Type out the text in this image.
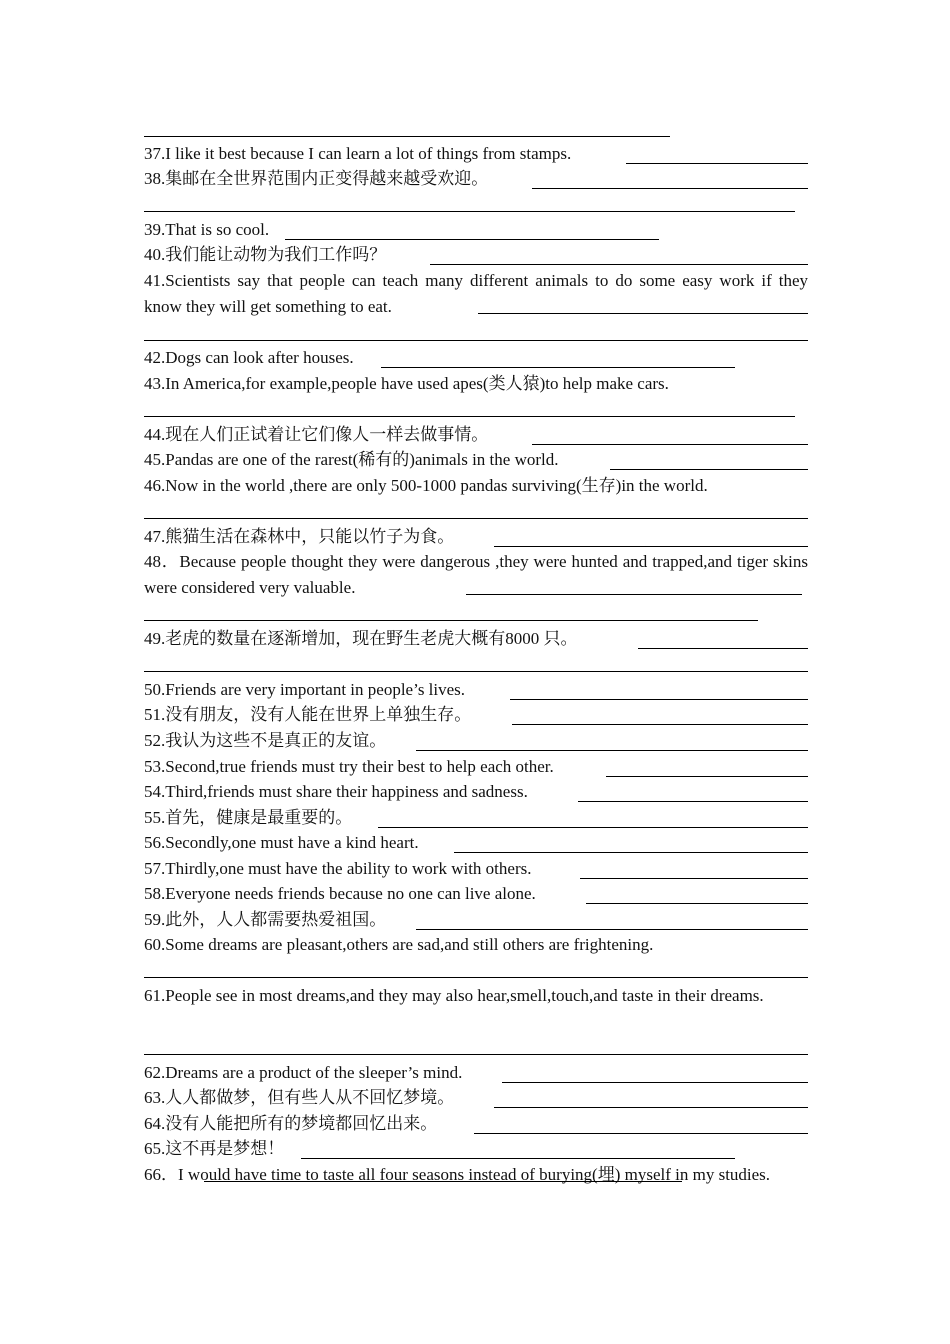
37.I like it best because I can learn a lot of things from stamps.
38.集邮在全世界范围内正变得越来越受欢迎。
39.That is so cool.
40.我们能让动物为我们工作吗？
41.Scientists say that people can teach many different animals to do some easy work if they know they will get something to eat.
42.Dogs can look after houses.
43.In America,for example,people have used apes(类人猿)to help make cars.
44.现在人们正试着让它们像人一样去做事情。
45.Pandas are one of the rarest(稀有的)animals in the world.
46.Now in the world ,there are only 500-1000 pandas surviving(生存)in the world.
47.熊猫生活在森林中，只能以竹子为食。
48．Because people thought they were dangerous ,they were hunted and trapped,and tiger skins were considered very valuable.
49.老虎的数量在逐渐增加，现在野生老虎大概有8000 只。
50.Friends are very important in people’s lives.
51.没有朋友，没有人能在世界上单独生存。
52.我认为这些不是真正的友谊。
53.Second,true friends must try their best to help each other.
54.Third,friends must share their happiness and sadness.
55.首先，健康是最重要的。
56.Secondly,one must have a kind heart.
57.Thirdly,one must have the ability to work with others.
58.Everyone needs friends because no one can live alone.
59.此外，人人都需要热爱祖国。
60.Some dreams are pleasant,others are sad,and still others are frightening.
61.People see in most dreams,and they may also hear,smell,touch,and taste in their dreams.
62.Dreams are a product of the sleeper’s mind.
63.人人都做梦，但有些人从不回忆梦境。
64.没有人能把所有的梦境都回忆出来。
65.这不再是梦想！
66．I would have time to taste all four seasons instead of burying(埋) myself in my studies.
